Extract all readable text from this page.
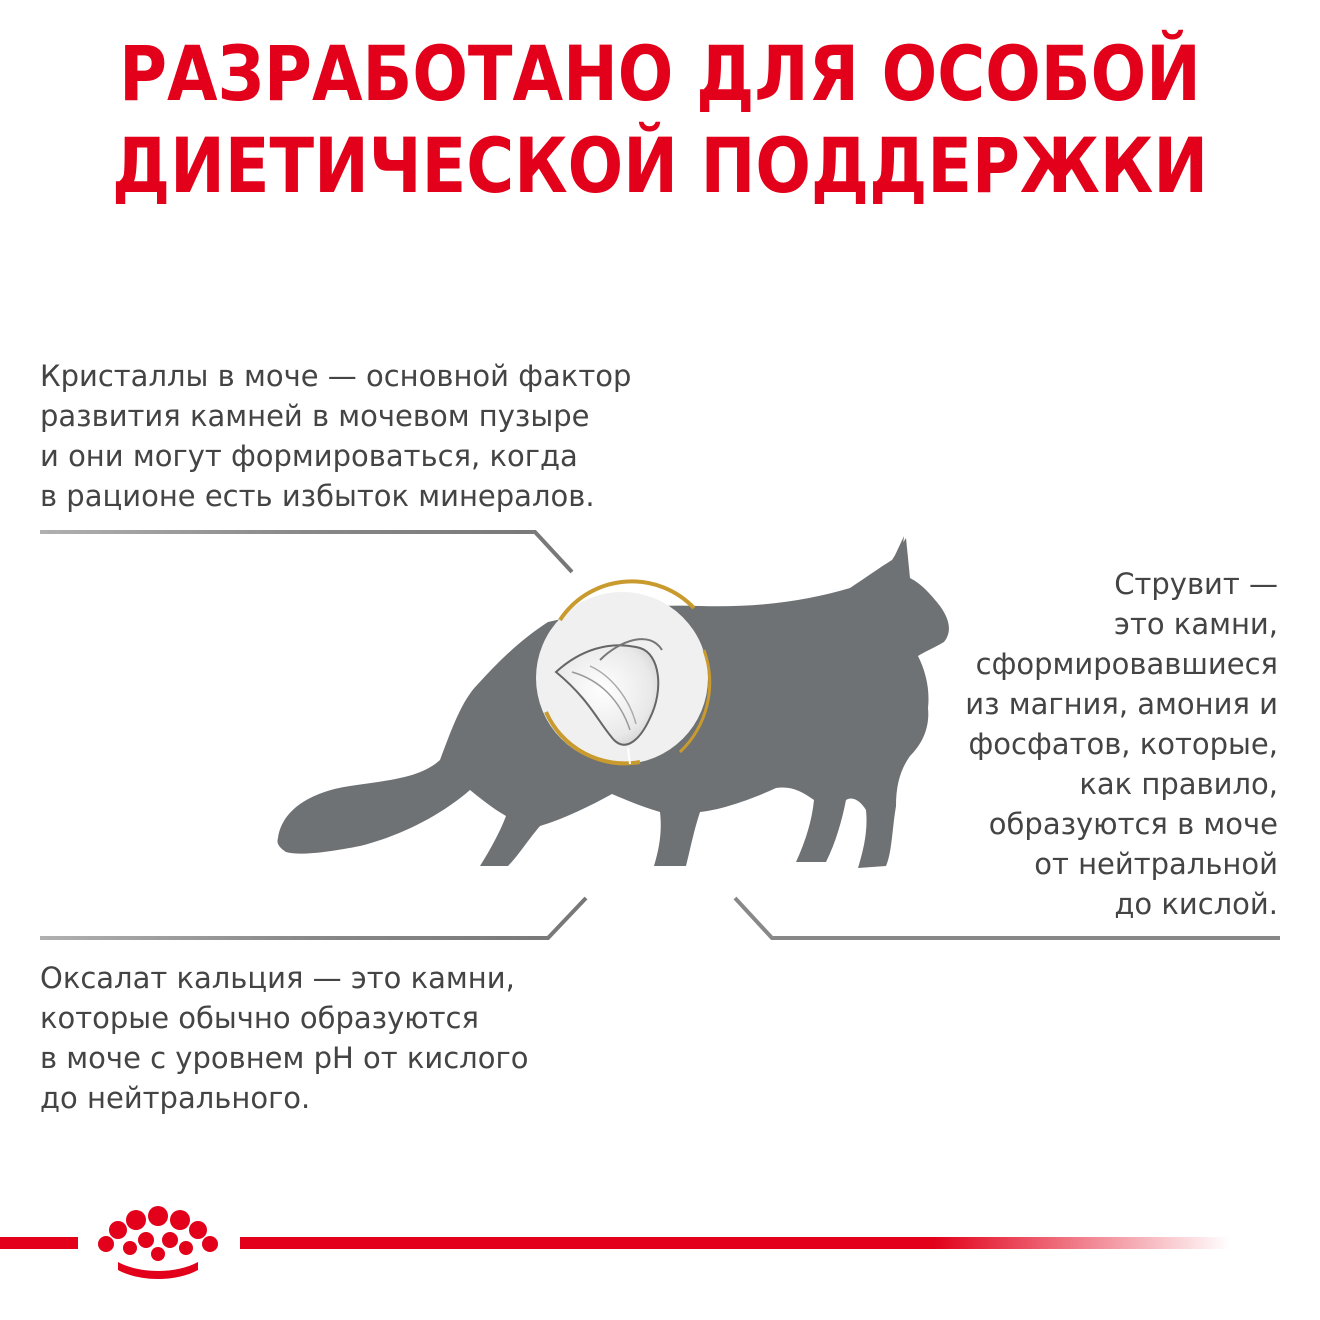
РАЗРАБОТАНО ДЛЯ ОСОБОЙ
ДИЕТИЧЕСКОЙ ПОДДЕРЖКИ
Кристаллы в моче — основной фактор
развития камней в мочевом пузыре
и они могут формироваться, когда
в рационе есть избыток минералов.
Струвит —
это камни,
сформировавшиеся
из магния, амония и
фосфатов, которые,
как правило,
образуются в моче
от нейтральной
до кислой.
Оксалат кальция — это камни,
которые обычно образуются
в моче с уровнем pH от кислого
до нейтрального.
